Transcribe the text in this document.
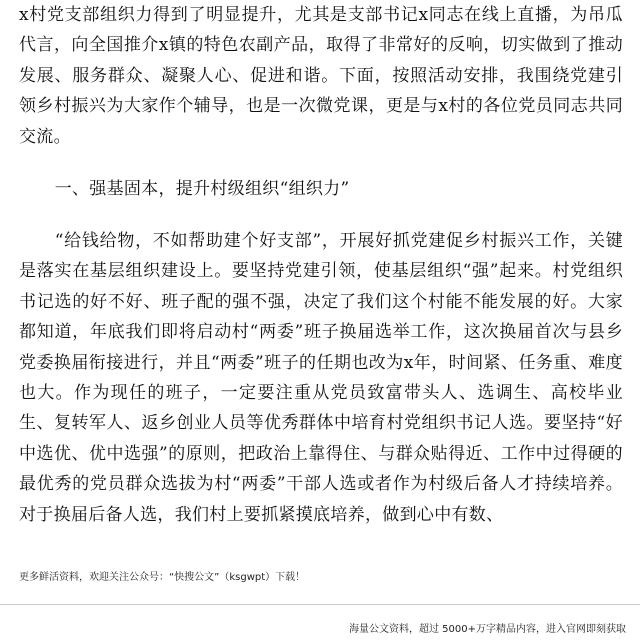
x村党支部组织力得到了明显提升，尤其是支部书记x同志在线上直播，为吊瓜代言，向全国推介x镇的特色农副产品，取得了非常好的反响，切实做到了推动发展、服务群众、凝聚人心、促进和谐。下面，按照活动安排，我围绕党建引领乡村振兴为大家作个辅导，也是一次微党课，更是与x村的各位党员同志共同交流。

一、强基固本，提升村级组织“组织力”

“给钱给物，不如帮助建个好支部”，开展好抓党建促乡村振兴工作，关键是落实在基层组织建设上。要坚持党建引领，使基层组织“强”起来。村党组织书记选的好不好、班子配的强不强，决定了我们这个村能不能发展的好。大家都知道，年底我们即将启动村“两委”班子换届选举工作，这次换届首次与县乡党委换届衔接进行，并且“两委”班子的任期也改为x年，时间紧、任务重、难度也大。作为现任的班子，一定要注重从党员致富带头人、选调生、高校毕业生、复转军人、返乡创业人员等优秀群体中培育村党组织书记人选。要坚持“好中选优、优中选强”的原则，把政治上靠得住、与群众贴得近、工作中过得硬的最优秀的党员群众选拔为村“两委”干部人选或者作为村级后备人才持续培养。对于换届后备人选，我们村上要抓紧摸底培养，做到心中有数、

更多鲜活资料，欢迎关注公众号：“快搜公文”（ksgwpt）下载！
海量公文资料，超过 5000+万字精品内容，进入官网即刻获取
